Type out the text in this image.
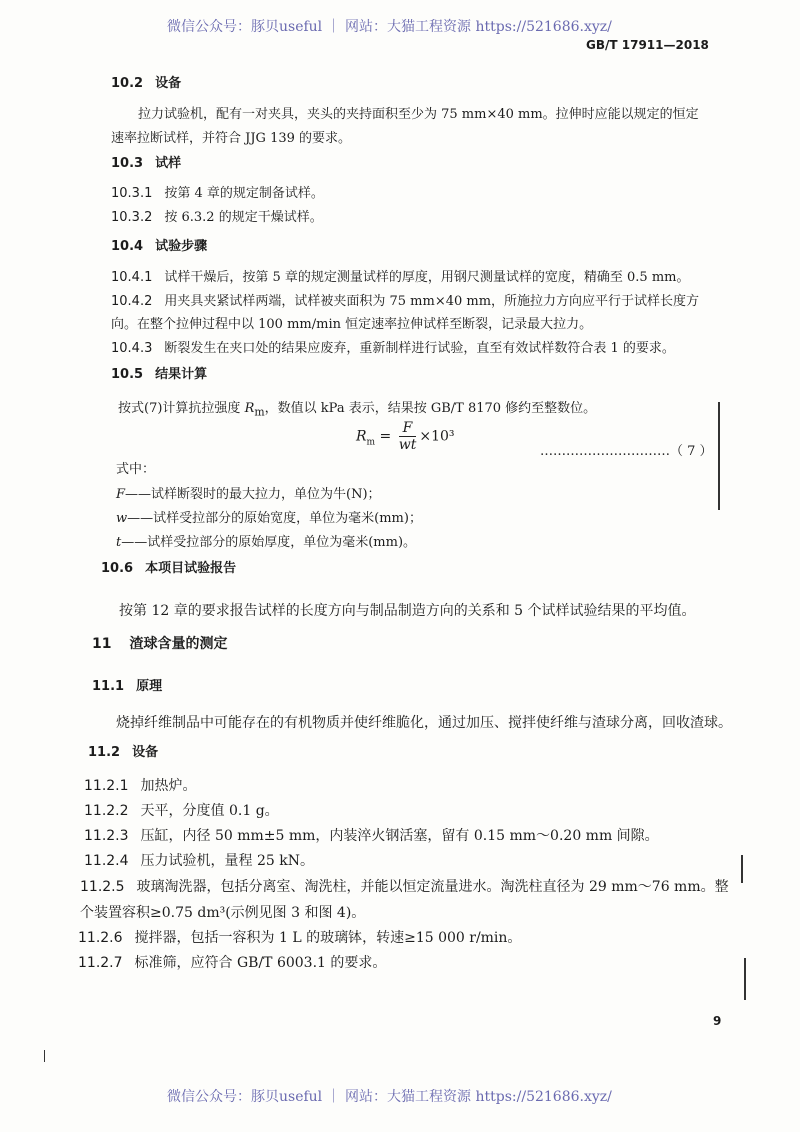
微信公众号：豚贝useful ｜ 网站：大猫工程资源 https://521686.xyz/
GB/T 17911—2018
10.2 设备
拉力试验机，配有一对夹具，夹头的夹持面积至少为 75 mm×40 mm。拉伸时应能以规定的恒定
速率拉断试样，并符合 JJG 139 的要求。
10.3 试样
10.3.1 按第 4 章的规定制备试样。
10.3.2 按 6.3.2 的规定干燥试样。
10.4 试验步骤
10.4.1 试样干燥后，按第 5 章的规定测量试样的厚度，用钢尺测量试样的宽度，精确至 0.5 mm。
10.4.2 用夹具夹紧试样两端，试样被夹面积为 75 mm×40 mm，所施拉力方向应平行于试样长度方
向。在整个拉伸过程中以 100 mm/min 恒定速率拉伸试样至断裂，记录最大拉力。
10.4.3 断裂发生在夹口处的结果应废弃，重新制样进行试验，直至有效试样数符合表 1 的要求。
10.5 结果计算
按式(7)计算抗拉强度 $R_m$，数值以 kPa 表示，结果按 GB/T 8170 修约至整数位。
$R_m = \frac{F}{wt} \times 10^3$
…………………………（ 7 ）
式中：
F——试样断裂时的最大拉力，单位为牛(N)；
w——试样受拉部分的原始宽度，单位为毫米(mm)；
t——试样受拉部分的原始厚度，单位为毫米(mm)。
10.6 本项目试验报告
按第 12 章的要求报告试样的长度方向与制品制造方向的关系和 5 个试样试验结果的平均值。
11 渣球含量的测定
11.1 原理
烧掉纤维制品中可能存在的有机物质并使纤维脆化，通过加压、搅拌使纤维与渣球分离，回收渣球。
11.2 设备
11.2.1 加热炉。
11.2.2 天平，分度值 0.1 g。
11.2.3 压缸，内径 50 mm±5 mm，内装淬火钢活塞，留有 0.15 mm～0.20 mm 间隙。
11.2.4 压力试验机，量程 25 kN。
11.2.5 玻璃淘洗器，包括分离室、淘洗柱，并能以恒定流量进水。淘洗柱直径为 29 mm～76 mm。整
个装置容积≥0.75 dm³(示例见图 3 和图 4)。
11.2.6 搅拌器，包括一容积为 1 L 的玻璃钵，转速≥15 000 r/min。
11.2.7 标准筛，应符合 GB/T 6003.1 的要求。
9
微信公众号：豚贝useful ｜ 网站：大猫工程资源 https://521686.xyz/
